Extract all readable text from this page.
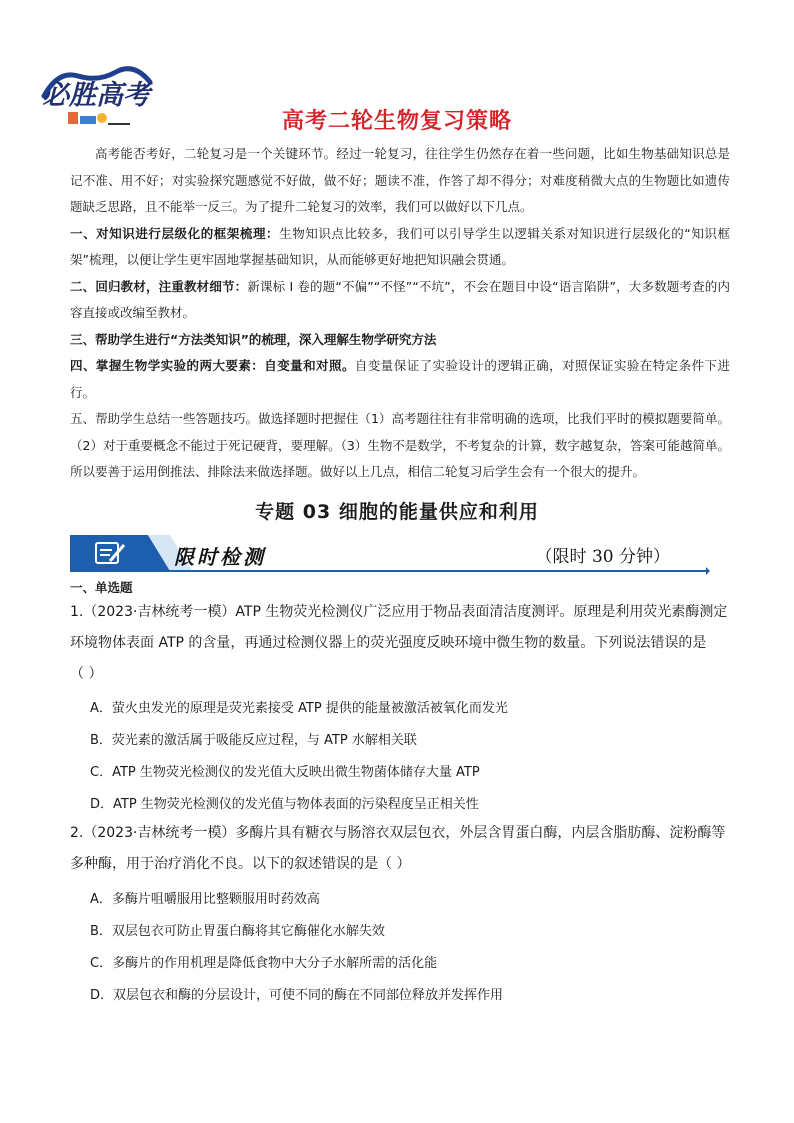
必胜高考
高考二轮生物复习策略

高考能否考好，二轮复习是一个关键环节。经过一轮复习，往往学生仍然存在着一些问题，比如生物基础知识总是记不准、用不好；对实验探究题感觉不好做，做不好；题读不准，作答了却不得分；对难度稍微大点的生物题比如遗传题缺乏思路，且不能举一反三。为了提升二轮复习的效率，我们可以做好以下几点。

一、对知识进行层级化的框架梳理：生物知识点比较多，我们可以引导学生以逻辑关系对知识进行层级化的“知识框架”梳理，以便让学生更牢固地掌握基础知识，从而能够更好地把知识融会贯通。

二、回归教材，注重教材细节：新课标 I 卷的题“不偏”“不怪”“不坑”，不会在题目中设“语言陷阱”，大多数题考查的内容直接或改编至教材。

三、帮助学生进行“方法类知识”的梳理，深入理解生物学研究方法

四、掌握生物学实验的两大要素：自变量和对照。自变量保证了实验设计的逻辑正确，对照保证实验在特定条件下进行。

五、帮助学生总结一些答题技巧。做选择题时把握住（1）高考题往往有非常明确的选项，比我们平时的模拟题要简单。（2）对于重要概念不能过于死记硬背，要理解。（3）生物不是数学，不考复杂的计算，数字越复杂，答案可能越简单。所以要善于运用倒推法、排除法来做选择题。做好以上几点，相信二轮复习后学生会有一个很大的提升。

专题 03 细胞的能量供应和利用
限时检测	（限时 30 分钟）
一、单选题

1.（2023·吉林统考一模）ATP 生物荧光检测仪广泛应用于物品表面清洁度测评。原理是利用荧光素酶测定

环境物体表面 ATP 的含量，再通过检测仪器上的荧光强度反映环境中微生物的数量。下列说法错误的是

（ ）

A．萤火虫发光的原理是荧光素接受 ATP 提供的能量被激活被氧化而发光
B．荧光素的激活属于吸能反应过程，与 ATP 水解相关联
C．ATP 生物荧光检测仪的发光值大反映出微生物菌体储存大量 ATP
D．ATP 生物荧光检测仪的发光值与物体表面的污染程度呈正相关性

2.（2023·吉林统考一模）多酶片具有糖衣与肠溶衣双层包衣，外层含胃蛋白酶，内层含脂肪酶、淀粉酶等

多种酶，用于治疗消化不良。以下的叙述错误的是（ ）

A．多酶片咀嚼服用比整颗服用时药效高
B．双层包衣可防止胃蛋白酶将其它酶催化水解失效
C．多酶片的作用机理是降低食物中大分子水解所需的活化能
D．双层包衣和酶的分层设计，可使不同的酶在不同部位释放并发挥作用
